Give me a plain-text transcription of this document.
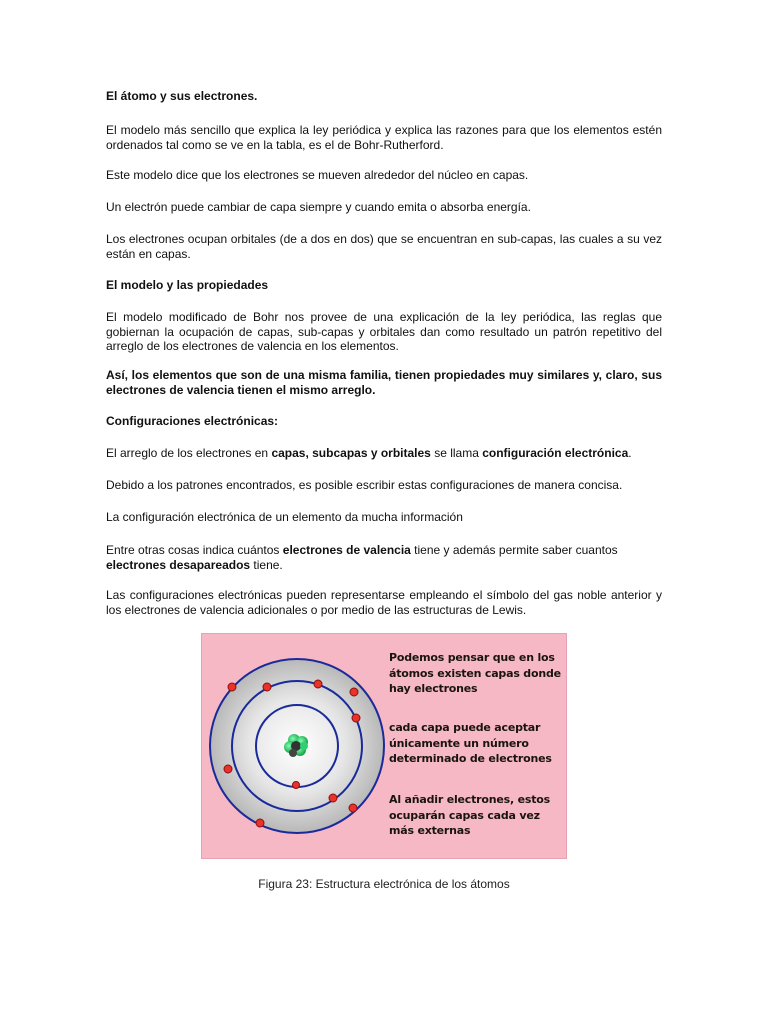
El átomo y sus electrones.

El modelo más sencillo que explica la ley periódica y explica las razones para que los elementos estén ordenados tal como se ve en la tabla, es el de Bohr-Rutherford.

Este modelo dice que los electrones se mueven alrededor del núcleo en capas.

Un electrón puede cambiar de capa siempre y cuando emita o absorba energía.

Los electrones ocupan orbitales (de a dos en dos) que se encuentran en sub-capas, las cuales a su vez están en capas.

El modelo y las propiedades

El modelo modificado de Bohr nos provee de una explicación de la ley periódica, las reglas que gobiernan la ocupación de capas, sub-capas y orbitales dan como resultado un patrón repetitivo del arreglo de los electrones de valencia en los elementos.

Así, los elementos que son de una misma familia, tienen propiedades muy similares y, claro, sus electrones de valencia tienen el mismo arreglo.

Configuraciones electrónicas:

El arreglo de los electrones en capas, subcapas y orbitales se llama configuración electrónica.

Debido a los patrones encontrados, es posible escribir estas configuraciones de manera concisa.

La configuración electrónica de un elemento da mucha información

Entre otras cosas indica cuántos electrones de valencia tiene y además permite saber cuantos electrones desapareados tiene.

Las configuraciones electrónicas pueden representarse empleando el símbolo del gas noble anterior y los electrones de valencia adicionales o por medio de las estructuras de Lewis.

Podemos pensar que en los átomos existen capas donde hay electrones
cada capa puede aceptar únicamente un número determinado de electrones
Al añadir electrones, estos ocuparán capas cada vez más externas
Figura 23: Estructura electrónica de los átomos
